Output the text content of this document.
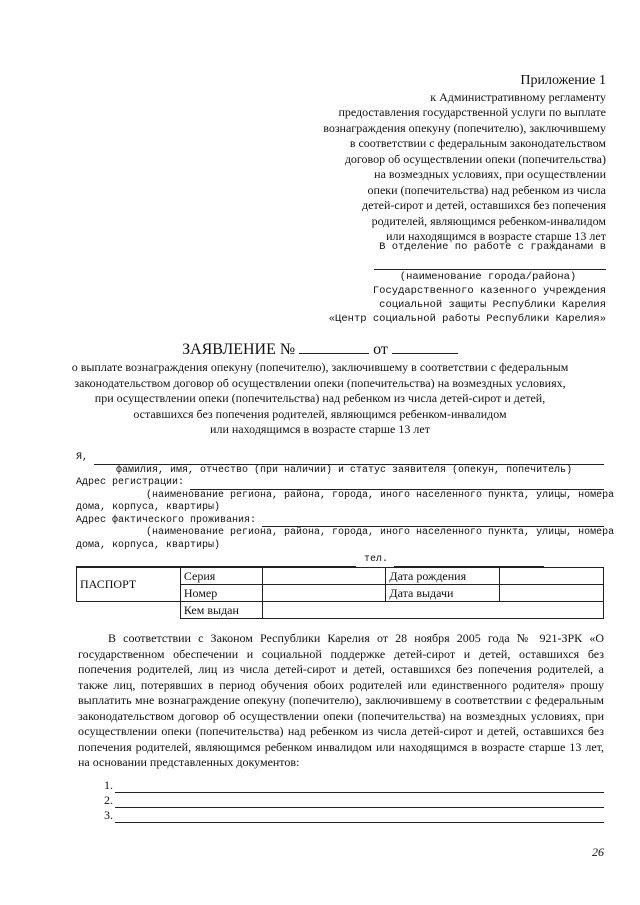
Приложение 1
к Административному регламенту
предоставления государственной услуги по выплате
вознаграждения опекуну (попечителю), заключившему
в соответствии с федеральным законодательством
договор об осуществлении опеки (попечительства)
на возмездных условиях, при осуществлении
опеки (попечительства) над ребенком из числа
детей-сирот и детей, оставшихся без попечения
родителей, являющимся ребенком-инвалидом
или находящимся в возрасте старше 13 лет
В отделение по работе с гражданами в
(наименование города/района)
Государственного казенного учреждения
социальной защиты Республики Карелия
«Центр социальной работы Республики Карелия»
ЗАЯВЛЕНИЕ №	от
о выплате вознаграждения опекуну (попечителю), заключившему в соответствии с федеральным
законодательством договор об осуществлении опеки (попечительства) на возмездных условиях,
при осуществлении опеки (попечительства) над ребенком из числа детей-сирот и детей,
оставшихся без попечения родителей, являющимся ребенком-инвалидом
или находящимся в возрасте старше 13 лет
Я,
фамилия, имя, отчество (при наличии) и статус заявителя (опекун, попечитель)
Адрес регистрации:
(наименование региона, района, города, иного населенного пункта, улицы, номера
дома, корпуса, квартиры)
Адрес фактического проживания:
(наименование региона, района, города, иного населенного пункта, улицы, номера
дома, корпуса, квартиры)
тел.
ПАСПОРТ	Серия		Дата рождения	
	Номер		Дата выдачи	
	Кем выдан			
В соответствии с Законом Республики Карелия от 28 ноября 2005 года № 921-ЗРК «О государственном обеспечении и социальной поддержке детей-сирот и детей, оставшихся без попечения родителей, лиц из числа детей-сирот и детей, оставшихся без попечения родителей, а также лиц, потерявших в период обучения обоих родителей или единственного родителя» прошу выплатить мне вознаграждение опекуну (попечителю), заключившему в соответствии с федеральным законодательством договор об осуществлении опеки (попечительства) на возмездных условиях, при осуществлении опеки (попечительства) над ребенком из числа детей-сирот и детей, оставшихся без попечения родителей, являющимся ребенком инвалидом или находящимся в возрасте старше 13 лет, на основании представленных документов:
1.
2.
3.
26
